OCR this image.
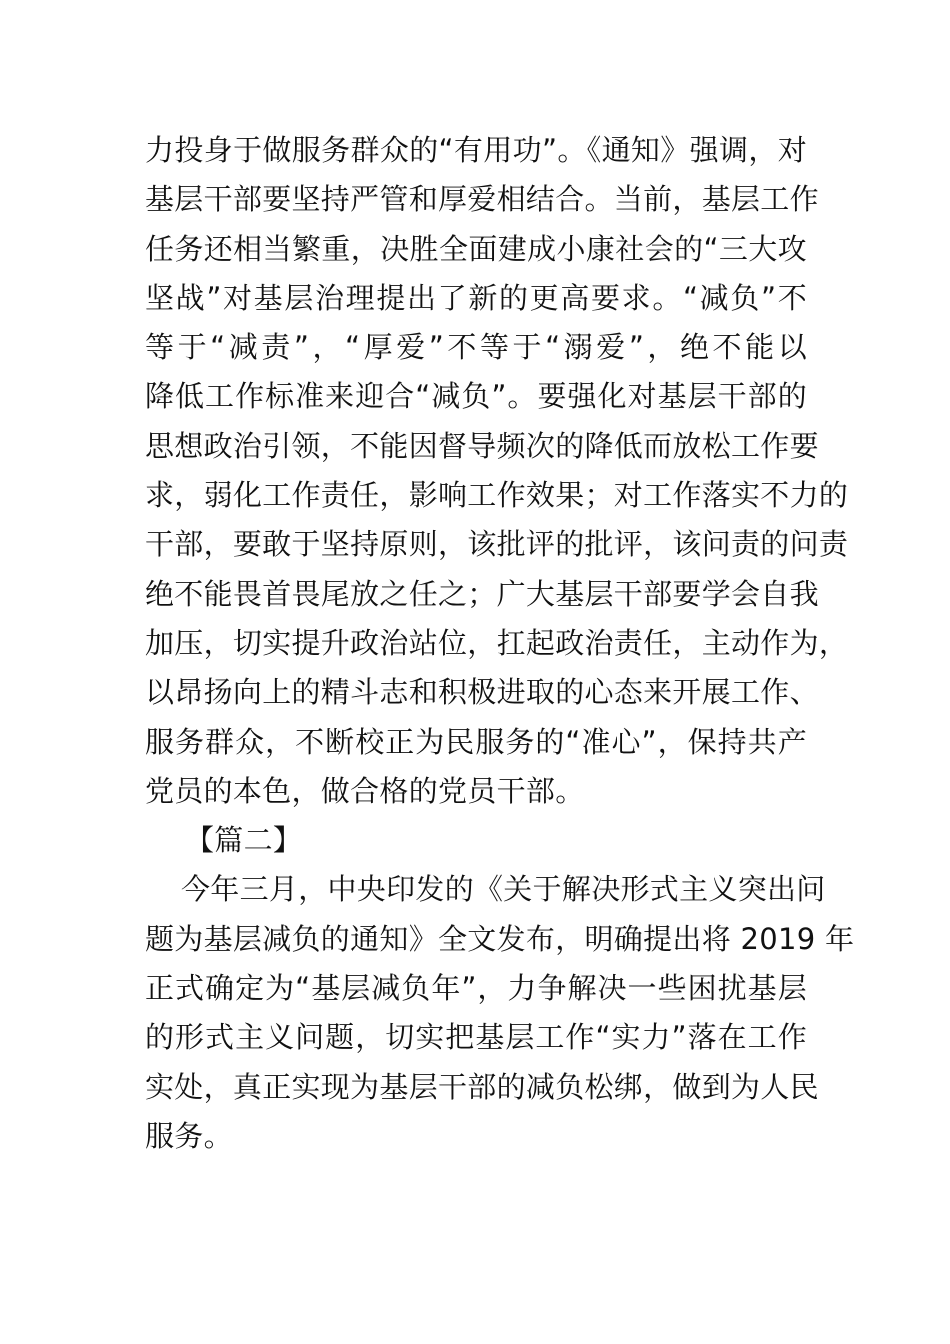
力投身于做服务群众的“有用功”。《通知》强调，对
基层干部要坚持严管和厚爱相结合。当前，基层工作
任务还相当繁重，决胜全面建成小康社会的“三大攻
坚战”对基层治理提出了新的更高要求。“减负”不
等于“减责”，“厚爱”不等于“溺爱”，绝不能以
降低工作标准来迎合“减负”。要强化对基层干部的
思想政治引领，不能因督导频次的降低而放松工作要
求，弱化工作责任，影响工作效果；对工作落实不力的
干部，要敢于坚持原则，该批评的批评，该问责的问责
绝不能畏首畏尾放之任之；广大基层干部要学会自我
加压，切实提升政治站位，扛起政治责任，主动作为，
以昂扬向上的精斗志和积极进取的心态来开展工作、
服务群众，不断校正为民服务的“准心”，保持共产
党员的本色，做合格的党员干部。
【篇二】
今年三月，中央印发的《关于解决形式主义突出问
题为基层减负的通知》全文发布，明确提出将 2019 年
正式确定为“基层减负年”，力争解决一些困扰基层
的形式主义问题，切实把基层工作“实力”落在工作
实处，真正实现为基层干部的减负松绑，做到为人民
服务。
